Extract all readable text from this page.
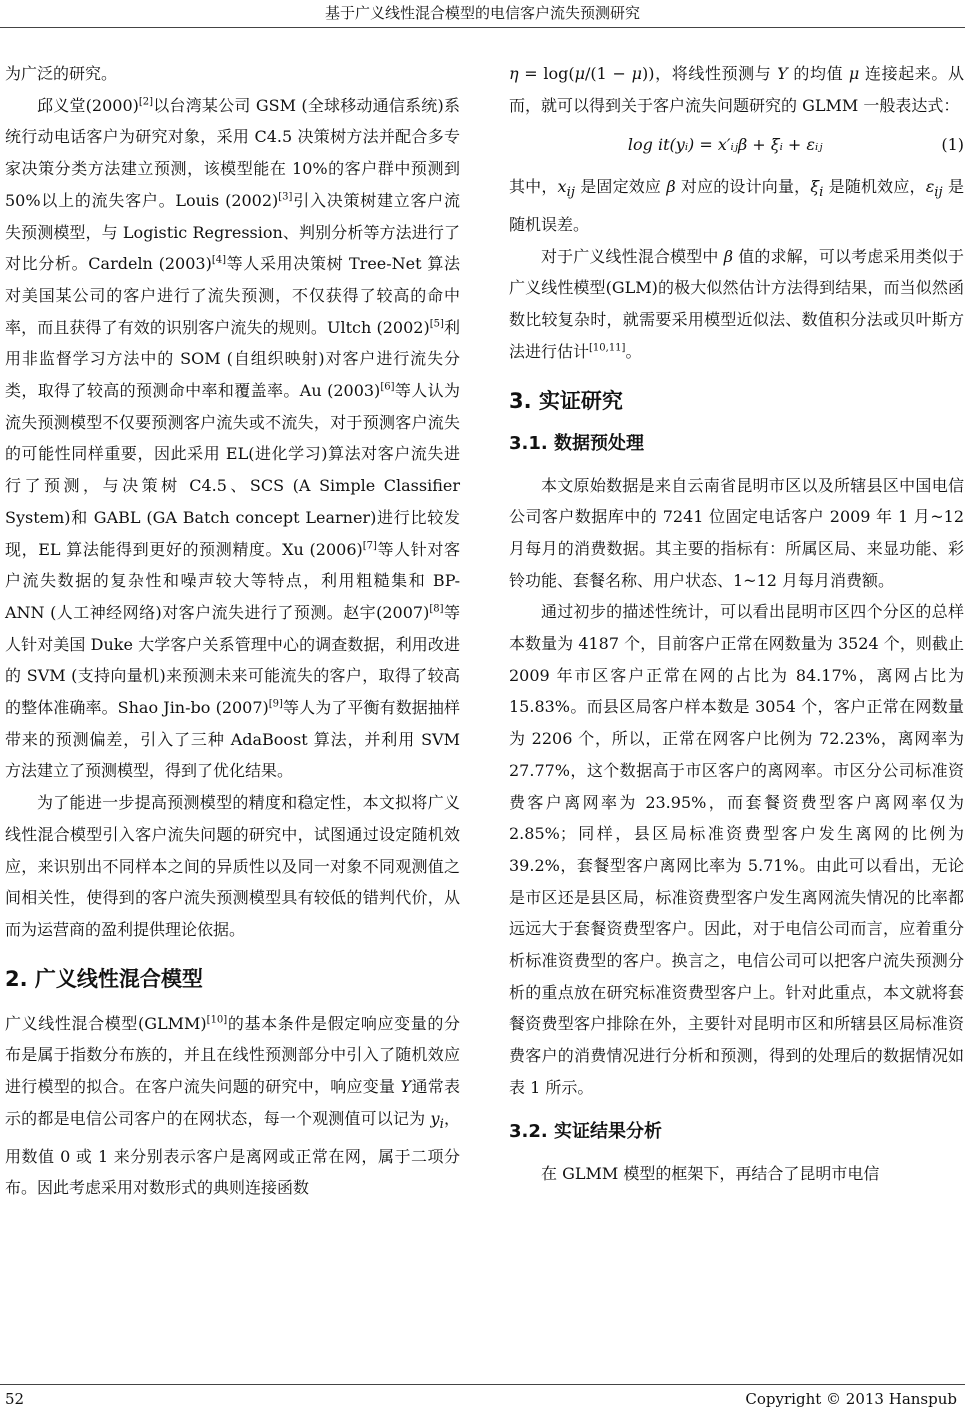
基于广义线性混合模型的电信客户流失预测研究

为广泛的研究。

邱义堂(2000)[2]以台湾某公司 GSM (全球移动通信系统)系统行动电话客户为研究对象，采用 C4.5 决策树方法并配合多专家决策分类方法建立预测，该模型能在 10%的客户群中预测到 50%以上的流失客户。Louis (2002)[3]引入决策树建立客户流失预测模型，与 Logistic Regression、判别分析等方法进行了对比分析。Cardeln (2003)[4]等人采用决策树 Tree-Net 算法对美国某公司的客户进行了流失预测，不仅获得了较高的命中率，而且获得了有效的识别客户流失的规则。Ultch (2002)[5]利用非监督学习方法中的 SOM (自组织映射)对客户进行流失分类，取得了较高的预测命中率和覆盖率。Au (2003)[6]等人认为流失预测模型不仅要预测客户流失或不流失，对于预测客户流失的可能性同样重要，因此采用 EL(进化学习)算法对客户流失进行了预测，与决策树 C4.5、SCS (A Simple Classifier System)和 GABL (GA Batch concept Learner)进行比较发现，EL 算法能得到更好的预测精度。Xu (2006)[7]等人针对客户流失数据的复杂性和噪声较大等特点，利用粗糙集和 BP-ANN (人工神经网络)对客户流失进行了预测。赵宇(2007)[8]等人针对美国 Duke 大学客户关系管理中心的调查数据，利用改进的 SVM (支持向量机)来预测未来可能流失的客户，取得了较高的整体准确率。Shao Jin-bo (2007)[9]等人为了平衡有数据抽样带来的预测偏差，引入了三种 AdaBoost 算法，并利用 SVM 方法建立了预测模型，得到了优化结果。

为了能进一步提高预测模型的精度和稳定性，本文拟将广义线性混合模型引入客户流失问题的研究中，试图通过设定随机效应，来识别出不同样本之间的异质性以及同一对象不同观测值之间相关性，使得到的客户流失预测模型具有较低的错判代价，从而为运营商的盈利提供理论依据。

2. 广义线性混合模型

广义线性混合模型(GLMM)[10]的基本条件是假定响应变量的分布是属于指数分布族的，并且在线性预测部分中引入了随机效应进行模型的拟合。在客户流失问题的研究中，响应变量 Y通常表示的都是电信公司客户的在网状态，每一个观测值可以记为 $y_i$，用数值 0 或 1 来分别表示客户是离网或正常在网，属于二项分布。因此考虑采用对数形式的典则连接函数

η = log(μ/(1 − μ))，将线性预测与 Y 的均值 μ 连接起来。从而，就可以得到关于客户流失问题研究的 GLMM 一般表达式：

log it(yᵢ) = x′ᵢⱼβ + ξᵢ + εᵢⱼ	(1)

其中，$x_{ij}$ 是固定效应 β 对应的设计向量，$\xi_i$ 是随机效应，$\varepsilon_{ij}$ 是随机误差。

对于广义线性混合模型中 β 值的求解，可以考虑采用类似于广义线性模型(GLM)的极大似然估计方法得到结果，而当似然函数比较复杂时，就需要采用模型近似法、数值积分法或贝叶斯方法进行估计[10,11]。

3. 实证研究
3.1. 数据预处理

本文原始数据是来自云南省昆明市区以及所辖县区中国电信公司客户数据库中的 7241 位固定电话客户 2009 年 1 月~12 月每月的消费数据。其主要的指标有：所属区局、来显功能、彩铃功能、套餐名称、用户状态、1~12 月每月消费额。

通过初步的描述性统计，可以看出昆明市区四个分区的总样本数量为 4187 个，目前客户正常在网数量为 3524 个，则截止 2009 年市区客户正常在网的占比为 84.17%，离网占比为 15.83%。而县区局客户样本数是 3054 个，客户正常在网数量为 2206 个，所以，正常在网客户比例为 72.23%，离网率为 27.77%，这个数据高于市区客户的离网率。市区分公司标准资费客户离网率为 23.95%，而套餐资费型客户离网率仅为 2.85%；同样，县区局标准资费型客户发生离网的比例为 39.2%，套餐型客户离网比率为 5.71%。由此可以看出，无论是市区还是县区局，标准资费型客户发生离网流失情况的比率都远远大于套餐资费型客户。因此，对于电信公司而言，应着重分析标准资费型的客户。换言之，电信公司可以把客户流失预测分析的重点放在研究标准资费型客户上。针对此重点，本文就将套餐资费型客户排除在外，主要针对昆明市区和所辖县区局标准资费客户的消费情况进行分析和预测，得到的处理后的数据情况如表 1 所示。

3.2. 实证结果分析

在 GLMM 模型的框架下，再结合了昆明市电信

52	Copyright © 2013 Hanspub
